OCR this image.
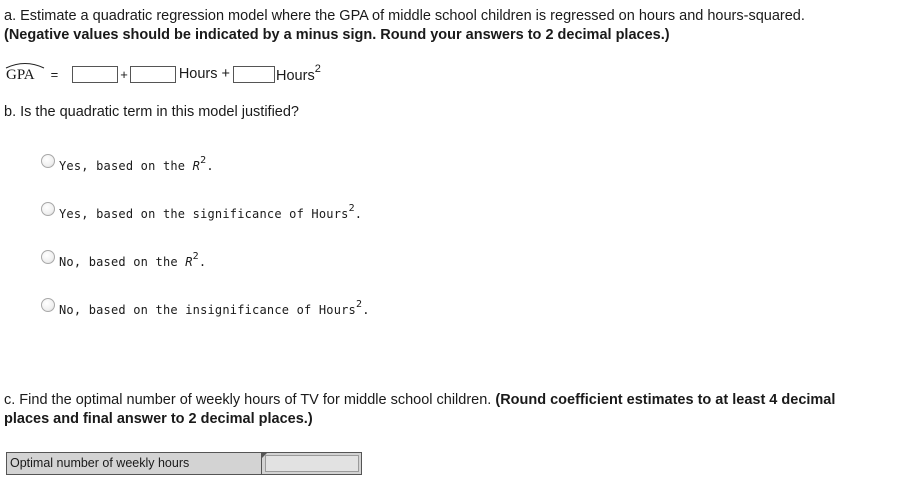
a. Estimate a quadratic regression model where the GPA of middle school children is regressed on hours and hours-squared.
(Negative values should be indicated by a minus sign. Round your answers to 2 decimal places.)
GPA =	+	Hours +	Hours$^2$
b. Is the quadratic term in this model justified?
Yes, based on the $R^2$.
Yes, based on the significance of Hours$^2$.
No, based on the $R^2$.
No, based on the insignificance of Hours$^2$.
c. Find the optimal number of weekly hours of TV for middle school children. (Round coefficient estimates to at least 4 decimal
places and final answer to 2 decimal places.)
Optimal number of weekly hours
